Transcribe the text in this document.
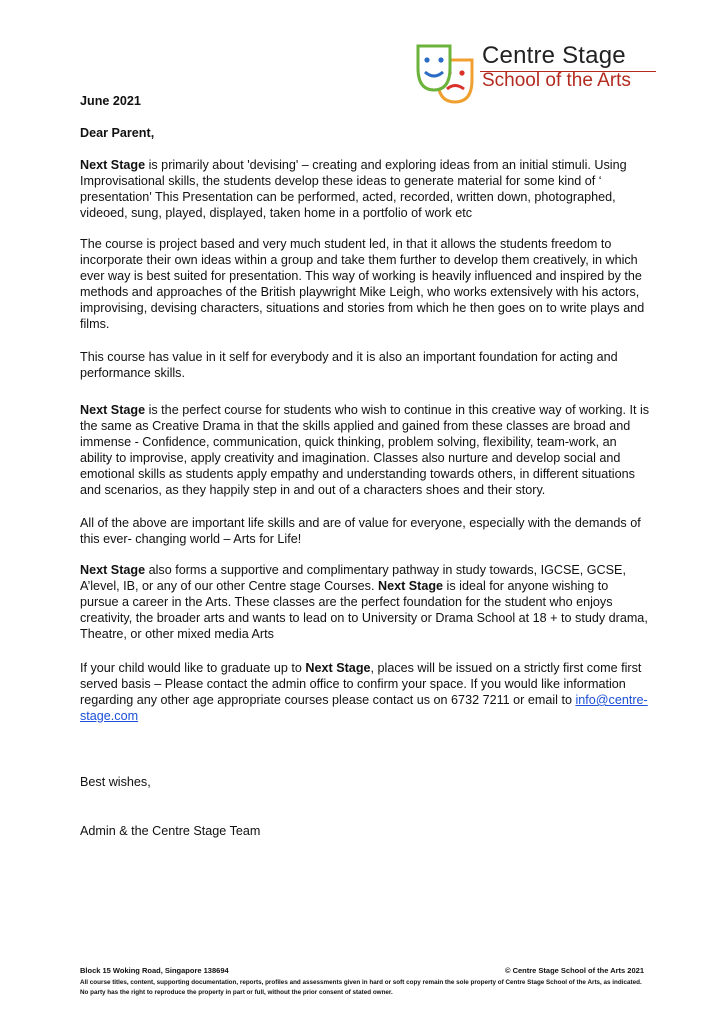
Centre Stage
School of the Arts
June 2021
Dear Parent,
Next Stage is primarily about 'devising' – creating and exploring ideas from an initial stimuli. Using Improvisational skills, the students develop these ideas to generate material for some kind of ‘ presentation' This Presentation can be performed, acted, recorded, written down, photographed, videoed, sung, played, displayed, taken home in a portfolio of work etc
The course is project based and very much student led, in that it allows the students freedom to incorporate their own ideas within a group and take them further to develop them creatively, in which ever way is best suited for presentation. This way of working is heavily influenced and inspired by the methods and approaches of the British playwright Mike Leigh, who works extensively with his actors, improvising, devising characters, situations and stories from which he then goes on to write plays and films.
This course has value in it self for everybody and it is also an important foundation for acting and performance skills.
Next Stage is the perfect course for students who wish to continue in this creative way of working. It is the same as Creative Drama in that the skills applied and gained from these classes are broad and immense - Confidence, communication, quick thinking, problem solving, flexibility, team-work, an ability to improvise, apply creativity and imagination. Classes also nurture and develop social and emotional skills as students apply empathy and understanding towards others, in different situations and scenarios, as they happily step in and out of a characters shoes and their story.
All of the above are important life skills and are of value for everyone, especially with the demands of this ever- changing world – Arts for Life!
Next Stage also forms a supportive and complimentary pathway in study towards, IGCSE, GCSE, A’level, IB, or any of our other Centre stage Courses. Next Stage is ideal for anyone wishing to pursue a career in the Arts. These classes are the perfect foundation for the student who enjoys creativity, the broader arts and wants to lead on to University or Drama School at 18 + to study drama, Theatre, or other mixed media Arts
If your child would like to graduate up to Next Stage, places will be issued on a strictly first come first served basis – Please contact the admin office to confirm your space. If you would like information regarding any other age appropriate courses please contact us on 6732 7211 or email to info@centre-stage.com
Best wishes,
Admin & the Centre Stage Team
Block 15 Woking Road, Singapore 138694	© Centre Stage School of the Arts 2021
All course titles, content, supporting documentation, reports, profiles and assessments given in hard or soft copy remain the sole property of Centre Stage School of the Arts, as indicated. No party has the right to reproduce the property in part or full, without the prior consent of stated owner.
